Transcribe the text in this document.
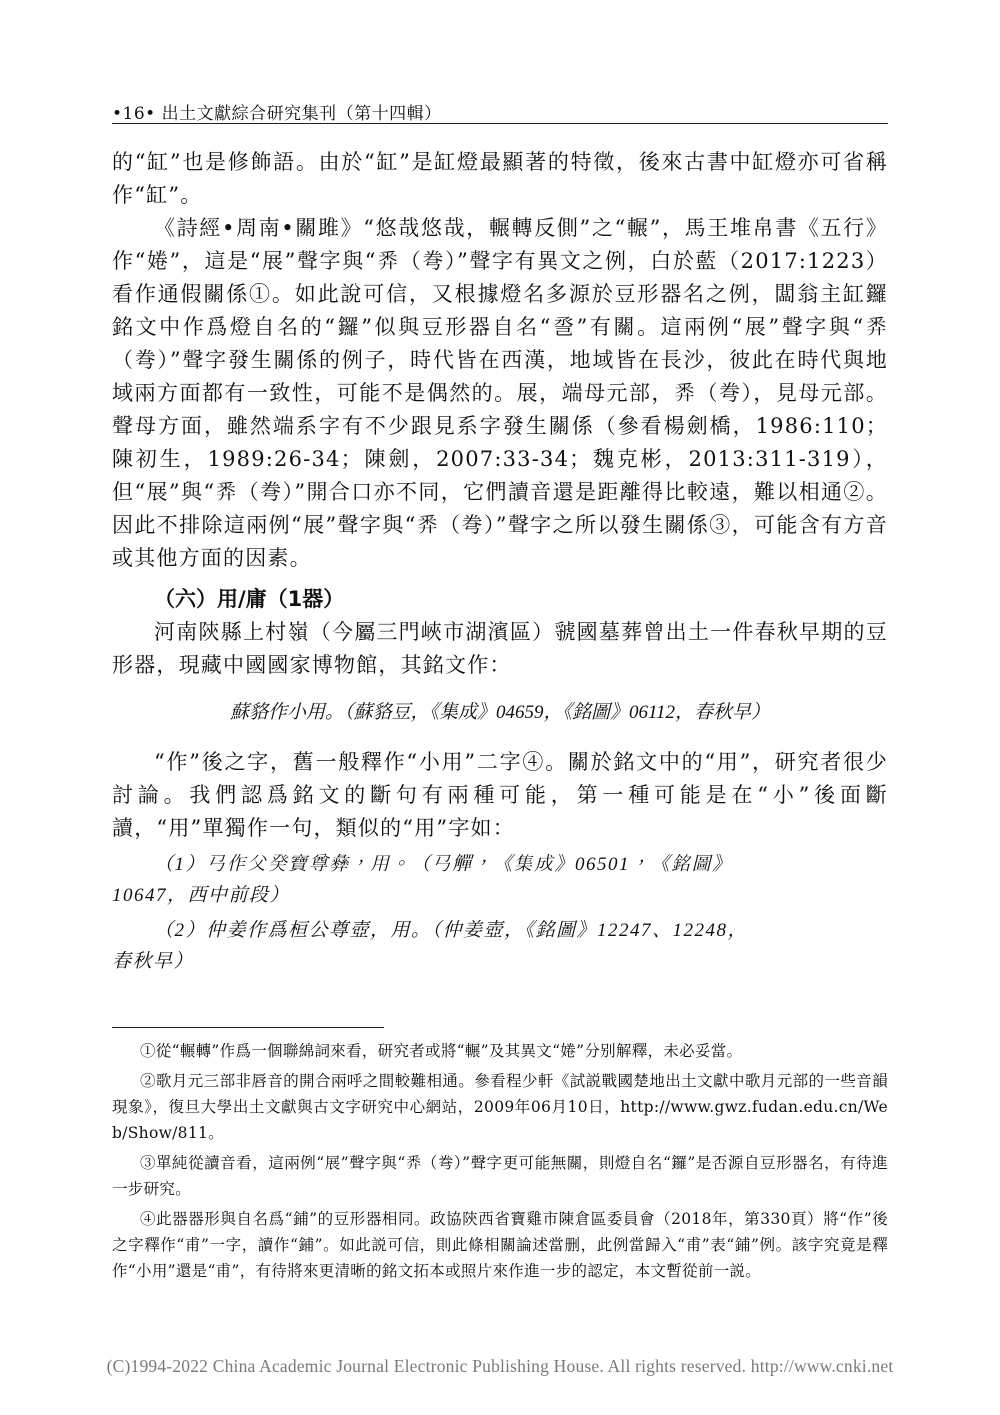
•16• 出土文獻綜合研究集刊（第十四輯）

的“缸”也是修飾語。由於“缸”是缸燈最顯著的特徵，後來古書中缸燈亦可省稱作“缸”。

《詩經•周南•關雎》“悠哉悠哉，輾轉反側”之“輾”，馬王堆帛書《五行》作“婘”，這是“展”聲字與“𢍏（弮）”聲字有異文之例，白於藍（2017:1223）看作通假關係①。如此說可信，又根據燈名多源於豆形器名之例，闆翁主缸鑼銘文中作爲燈自名的“鑼”似與豆形器自名“巹”有關。這兩例“展”聲字與“𢍏（弮）”聲字發生關係的例子，時代皆在西漢，地域皆在長沙，彼此在時代與地域兩方面都有一致性，可能不是偶然的。展，端母元部，𢍏（弮），見母元部。聲母方面，雖然端系字有不少跟見系字發生關係（參看楊劍橋，1986:110；陳初生，1989:26-34；陳劍，2007:33-34；魏克彬，2013:311-319），但“展”與“𢍏（弮）”開合口亦不同，它們讀音還是距離得比較遠，難以相通②。因此不排除這兩例“展”聲字與“𢍏（弮）”聲字之所以發生關係③，可能含有方音或其他方面的因素。

（六）用/庸（1器）

河南陝縣上村嶺（今屬三門峽市湖濱區）虢國墓葬曾出土一件春秋早期的豆形器，現藏中國國家博物館，其銘文作：

蘇貉作小用。（蘇貉豆，《集成》04659，《銘圖》06112，春秋早）

“作”後之字，舊一般釋作“小用”二字④。關於銘文中的“用”，研究者很少討論。我們認爲銘文的斷句有兩種可能，第一種可能是在“小”後面斷讀，“用”單獨作一句，類似的“用”字如：

（1）𢎘作父癸寶尊彝，用。（𢎘觶，《集成》06501，《銘圖》
10647，西中前段）
（2）仲姜作爲桓公尊壺，用。（仲姜壺，《銘圖》12247、12248，
春秋早）

①從“輾轉”作爲一個聯綿詞來看，研究者或將“輾”及其異文“婘”分别解釋，未必妥當。

②歌月元三部非唇音的開合兩呼之間較難相通。參看程少軒《試説戰國楚地出土文獻中歌月元部的一些音韻現象》，復旦大學出土文獻與古文字研究中心網站，2009年06月10日，http://www.gwz.fudan.edu.cn/Web/Show/811。

③單純從讀音看，這兩例“展”聲字與“𢍏（弮）”聲字更可能無關，則燈自名“鑼”是否源自豆形器名，有待進一步研究。

④此器器形與自名爲“鋪”的豆形器相同。政協陝西省寶雞市陳倉區委員會（2018年，第330頁）將“作”後之字釋作“甫”一字，讀作“鋪”。如此説可信，則此條相關論述當删，此例當歸入“甫”表“鋪”例。該字究竟是釋作“小用”還是“甫”，有待將來更清晰的銘文拓本或照片來作進一步的認定，本文暫從前一説。

(C)1994-2022 China Academic Journal Electronic Publishing House. All rights reserved. http://www.cnki.net
